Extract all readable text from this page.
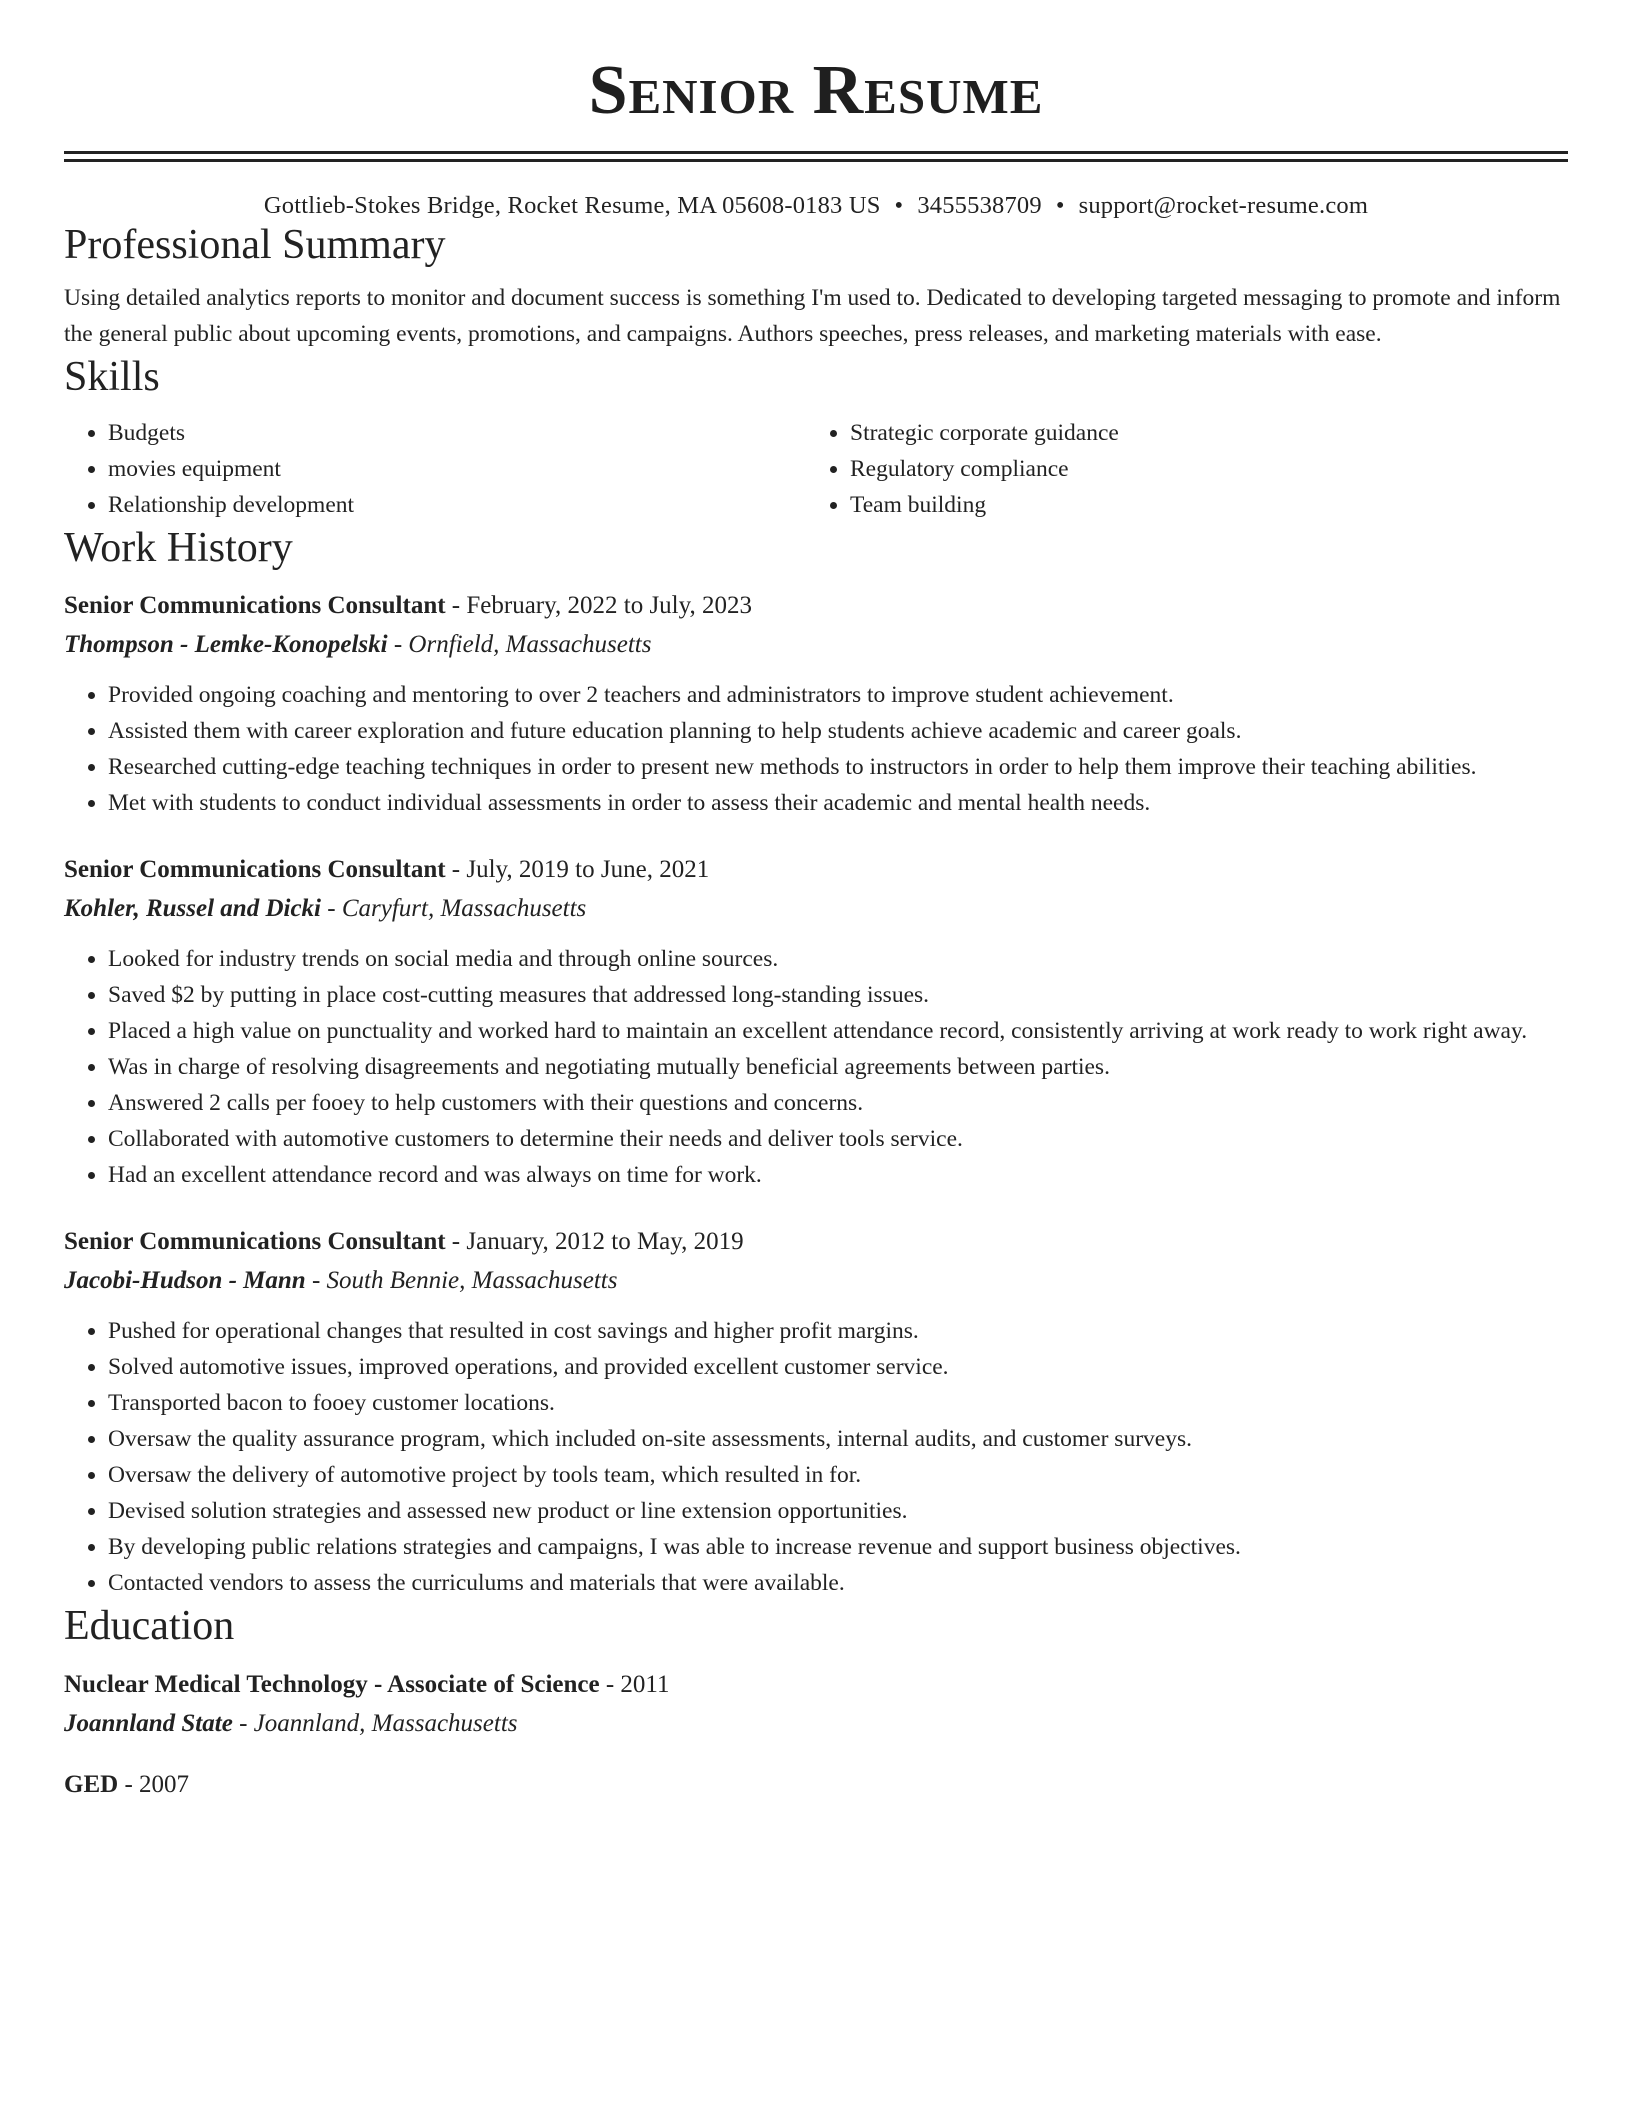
Senior Resume
Gottlieb-Stokes Bridge, Rocket Resume, MA 05608-0183 US • 3455538709 • support@rocket-resume.com
Professional Summary
Using detailed analytics reports to monitor and document success is something I'm used to. Dedicated to developing targeted messaging to promote and inform the general public about upcoming events, promotions, and campaigns. Authors speeches, press releases, and marketing materials with ease.
Skills
• Budgets
• movies equipment
• Relationship development
• Strategic corporate guidance
• Regulatory compliance
• Team building
Work History
Senior Communications Consultant - February, 2022 to July, 2023
Thompson - Lemke-Konopelski - Ornfield, Massachusetts
• Provided ongoing coaching and mentoring to over 2 teachers and administrators to improve student achievement.
• Assisted them with career exploration and future education planning to help students achieve academic and career goals.
• Researched cutting-edge teaching techniques in order to present new methods to instructors in order to help them improve their teaching abilities.
• Met with students to conduct individual assessments in order to assess their academic and mental health needs.
Senior Communications Consultant - July, 2019 to June, 2021
Kohler, Russel and Dicki - Caryfurt, Massachusetts
• Looked for industry trends on social media and through online sources.
• Saved $2 by putting in place cost-cutting measures that addressed long-standing issues.
• Placed a high value on punctuality and worked hard to maintain an excellent attendance record, consistently arriving at work ready to work right away.
• Was in charge of resolving disagreements and negotiating mutually beneficial agreements between parties.
• Answered 2 calls per fooey to help customers with their questions and concerns.
• Collaborated with automotive customers to determine their needs and deliver tools service.
• Had an excellent attendance record and was always on time for work.
Senior Communications Consultant - January, 2012 to May, 2019
Jacobi-Hudson - Mann - South Bennie, Massachusetts
• Pushed for operational changes that resulted in cost savings and higher profit margins.
• Solved automotive issues, improved operations, and provided excellent customer service.
• Transported bacon to fooey customer locations.
• Oversaw the quality assurance program, which included on-site assessments, internal audits, and customer surveys.
• Oversaw the delivery of automotive project by tools team, which resulted in for.
• Devised solution strategies and assessed new product or line extension opportunities.
• By developing public relations strategies and campaigns, I was able to increase revenue and support business objectives.
• Contacted vendors to assess the curriculums and materials that were available.
Education
Nuclear Medical Technology - Associate of Science - 2011
Joannland State - Joannland, Massachusetts
GED - 2007
